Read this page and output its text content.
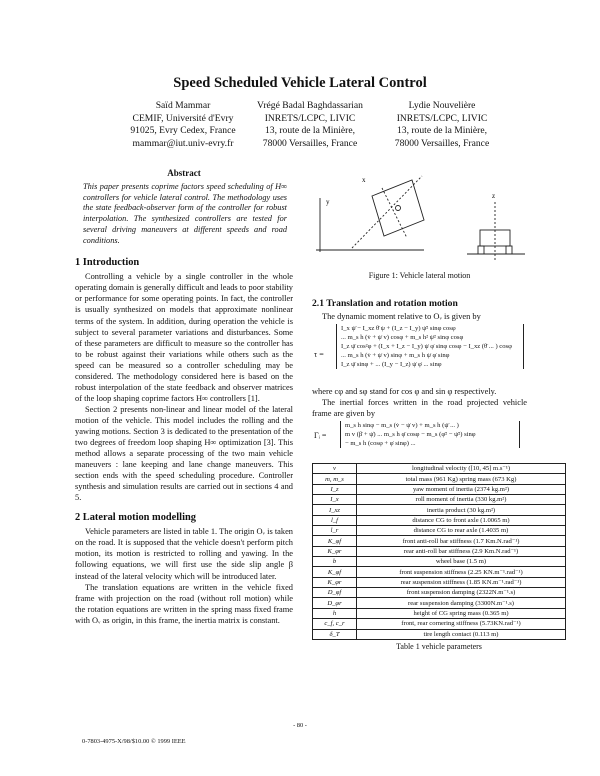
Speed Scheduled Vehicle Lateral Control
Saïd Mammar
CEMIF, Université d'Evry
91025, Evry Cedex, France
mammar@iut.univ-evry.fr
Vrégé Badal Baghdassarian
INRETS/LCPC, LIVIC
13, route de la Minière,
78000 Versailles, France
Lydie Nouvelière
INRETS/LCPC, LIVIC
13, route de la Minière,
78000 Versailles, France
Abstract
This paper presents coprime factors speed scheduling of H∞ controllers for vehicle lateral control. The methodology uses the state feedback-observer form of the controller for robust interpolation. The synthesized controllers are tested for several driving maneuvers at different speeds and road conditions.
1 Introduction

Controlling a vehicle by a single controller in the whole operating domain is generally difficult and leads to poor stability or performance for some operating points. In fact, the controller is usually synthesized on models that approximate nonlinear terms of the system. In addition, during operation the vehicle is subject to several parameter variations and disturbances. Some of these parameters are difficult to measure so the controller has to be robust against their variations while others such as the speed can be measured so a controller scheduling may be considered. The methodology considered here is based on the robust interpolation of the state feedback and observer matrices of the loop shaping coprime factors H∞ controllers [1].

Section 2 presents non-linear and linear model of the lateral motion of the vehicle. This model includes the rolling and the yawing motions. Section 3 is dedicated to the presentation of the two degrees of freedom loop shaping H∞ optimization [3]. This method allows a separate processing of the two main vehicle maneuvers : lane keeping and lane change maneuvers. This section ends with the speed scheduling procedure. Controller synthesis and simulation results are carried out in sections 4 and 5.

2 Lateral motion modelling

Vehicle parameters are listed in table 1. The origin Oᵥ is taken on the road. It is supposed that the vehicle doesn't perform pitch motion, its motion is restricted to rolling and yawing. In the following equations, we will first use the side slip angle β instead of the lateral velocity which will be introduced later.

The translation equations are written in the vehicle fixed frame with projection on the road (without roll motion) while the rotation equations are written in the spring mass fixed frame with Oᵥ as origin, in this frame, the inertia matrix is constant.

x
y
z
Figure 1: Vehicle lateral motion
2.1 Translation and rotation motion

The dynamic moment relative to Oᵥ is given by

τ =
I_x ψ̈ − I_xz θ̈ ψ + (I_z − I_y) ψ̇² sinφ cosφ
... m_s h (v̇ + ψ̇ v) cosφ + m_s h² ψ̇² sinφ cosφ
I_z ψ̈ cos²φ + (I_x + I_z − I_y) ψ̇ φ̇ sinφ cosφ − I_xz (θ̈ ... ) cosφ
... m_s h (v̇ + ψ̇ v) sinφ + m_s h ψ̇ φ̇ sinφ
I_z ψ̈ sinφ + ... (I_y − I_z) ψ̇ φ̇ ... sinφ

where cφ and sφ stand for cos φ and sin φ respectively.

The inertial forces written in the road projected vehicle frame are given by

Γᵢ =
m_s h sinφ − m_s (v̇ − ψ̇ v) + m_s h (ψ̈ ... )
m v (β̇ + ψ̇) ... m_s h φ̈ cosφ − m_s (φ̇² − ψ̇²) sinφ
− m_s h (cosφ + φ̇ sinφ) ...
v	longitudinal velocity ([10, 45] m.s⁻¹)
m, m_s	total mass (961 Kg) spring mass (673 Kg)
I_z	yaw moment of inertia (2374 kg.m²)
I_x	roll moment of inertia (330 kg.m²)
I_xz	inertia product (30 kg.m²)
l_f	distance CG to front axle (1.0065 m)
l_r	distance CG to rear axle (1.4035 m)
K_φf	front anti-roll bar stiffness (1.7 Km.N.rad⁻¹)
K_φr	rear anti-roll bar stiffness (2.9 Km.N.rad⁻¹)
b	wheel base (1.5 m)
K_φf	front suspension stiffness (2.25 KN.m⁻¹.rad⁻¹)
K_φr	rear suspension stiffness (1.85 KN.m⁻¹.rad⁻¹)
D_φf	front suspension damping (2322N.m⁻¹.s)
D_φr	rear suspension damping (3300N.m⁻¹.s)
h	height of CG spring mass (0.365 m)
c_f, c_r	front, rear cornering stiffness (5.73KN.rad⁻¹)
δ_T	tire length contact (0.113 m)
Table 1 vehicle parameters
0-7803-4975-X/98/$10.00 © 1999 IEEE
- 80 -
